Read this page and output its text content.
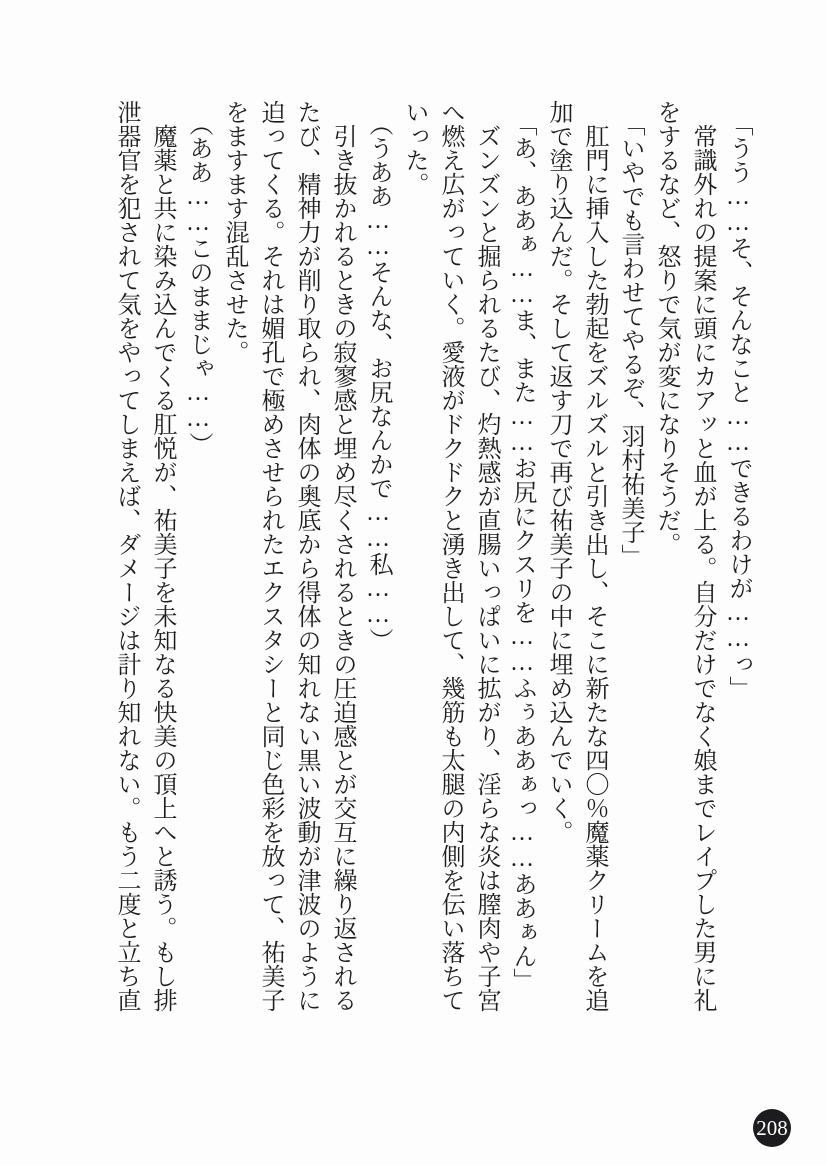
「うう……そ、そんなこと……できるわけが……っ」
常識外れの提案に頭にカアッと血が上る。自分だけでなく娘までレイプした男に礼
をするなど、怒りで気が変になりそうだ。
「いやでも言わせてやるぞ、羽村祐美子」
肛門に挿入した勃起をズルズルと引き出し、そこに新たな四〇％魔薬クリームを追
加で塗り込んだ。そして返す刀で再び祐美子の中に埋め込んでいく。
「あ、ああぁ……ま、また……お尻にクスリを……ふぅああぁっ……ああぁん」
ズンズンと掘られるたび、灼熱感が直腸いっぱいに拡がり、淫らな炎は膣肉や子宮
へ燃え広がっていく。愛液がドクドクと湧き出して、幾筋も太腿の内側を伝い落ちて
いった。
（うああ……そんな、お尻なんかで……私……）
引き抜かれるときの寂寥感と埋め尽くされるときの圧迫感とが交互に繰り返される
たび、精神力が削り取られ、肉体の奥底から得体の知れない黒い波動が津波のように
迫ってくる。それは媚孔で極めさせられたエクスタシーと同じ色彩を放って、祐美子
をますます混乱させた。
（ああ……このままじゃ……）
魔薬と共に染み込んでくる肛悦が、祐美子を未知なる快美の頂上へと誘う。もし排
泄器官を犯されて気をやってしまえば、ダメージは計り知れない。もう二度と立ち直
208
